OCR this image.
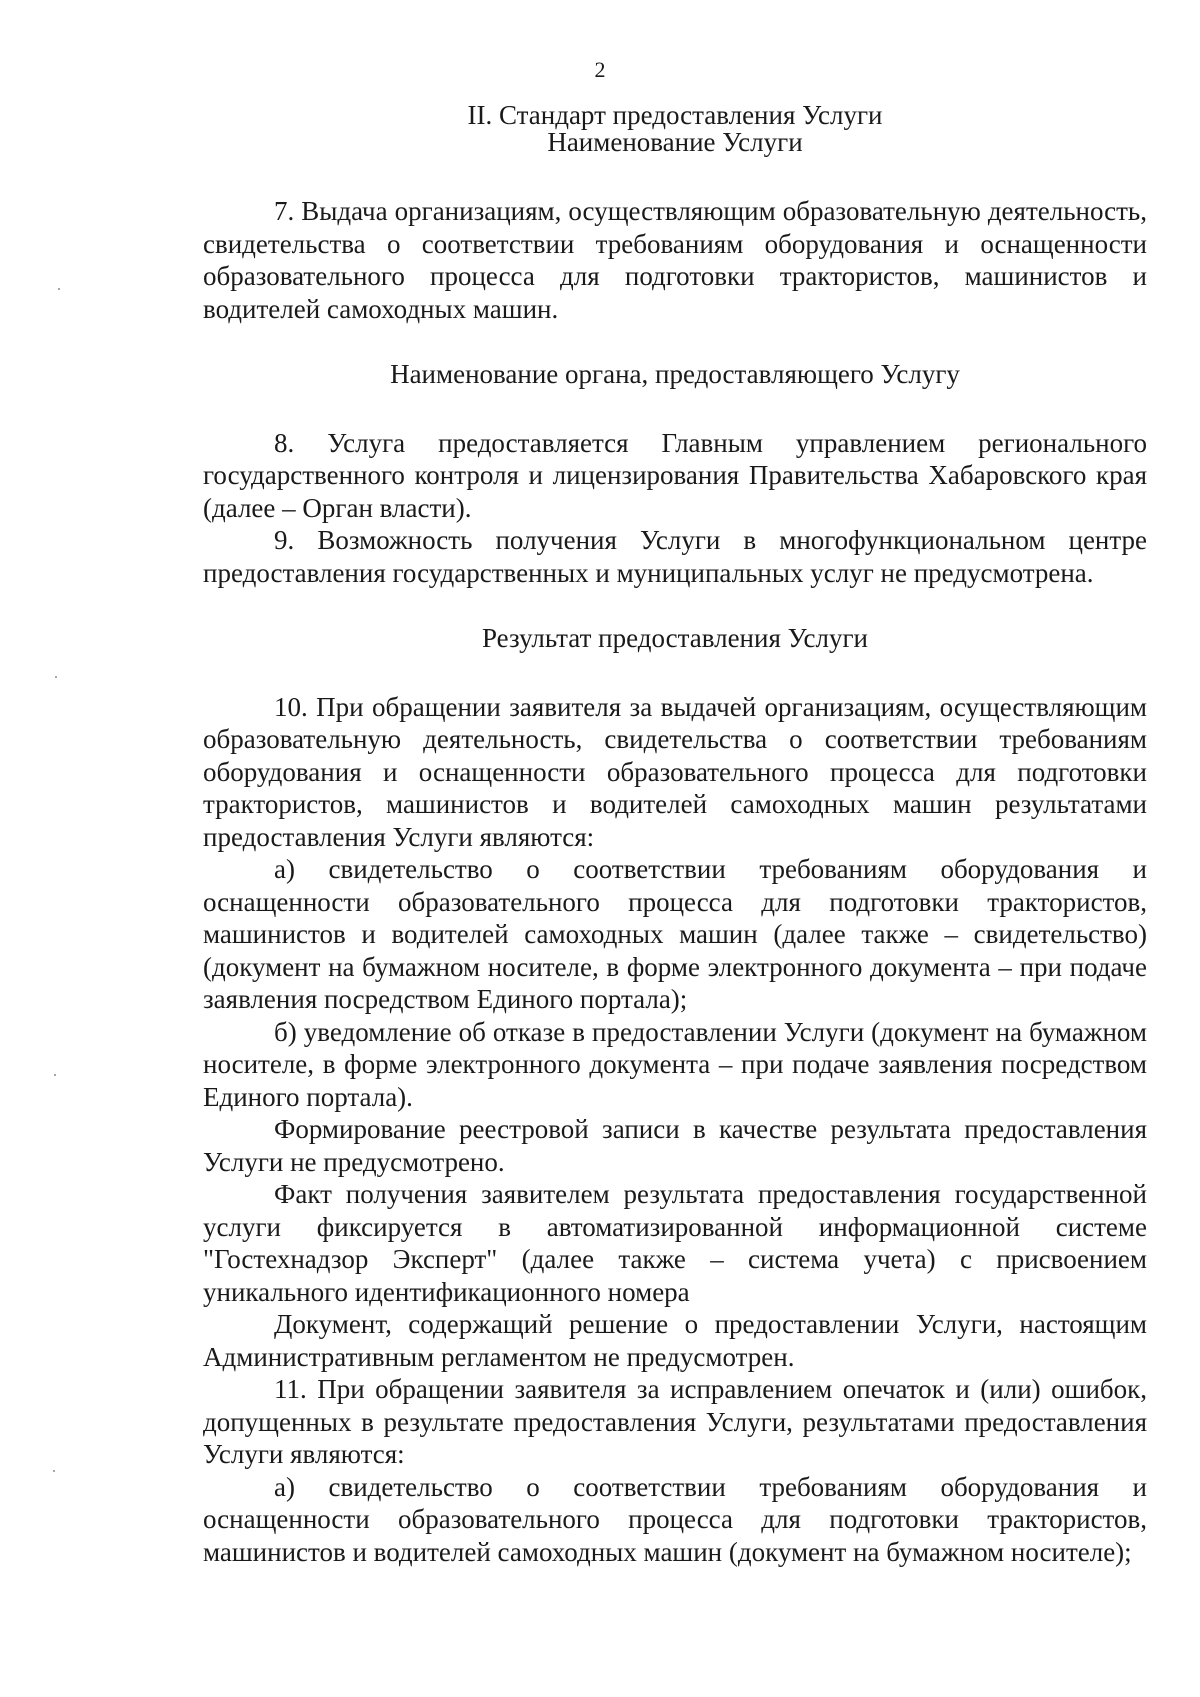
2
II. Стандарт предоставления Услуги
Наименование Услуги

7. Выдача организациям, осуществляющим образовательную деятельность, свидетельства о соответствии требованиям оборудования и оснащенности образовательного процесса для подготовки трактористов, машинистов и водителей самоходных машин.

Наименование органа, предоставляющего Услугу

8. Услуга предоставляется Главным управлением регионального государственного контроля и лицензирования Правительства Хабаровского края (далее – Орган власти).

9. Возможность получения Услуги в многофункциональном центре предоставления государственных и муниципальных услуг не предусмотрена.

Результат предоставления Услуги

10. При обращении заявителя за выдачей организациям, осуществляющим образовательную деятельность, свидетельства о соответствии требованиям оборудования и оснащенности образовательного процесса для подготовки трактористов, машинистов и водителей самоходных машин результатами предоставления Услуги являются:

а) свидетельство о соответствии требованиям оборудования и оснащенности образовательного процесса для подготовки трактористов, машинистов и водителей самоходных машин (далее также – свидетельство) (документ на бумажном носителе, в форме электронного документа – при подаче заявления посредством Единого портала);

б) уведомление об отказе в предоставлении Услуги (документ на бумажном носителе, в форме электронного документа – при подаче заявления посредством Единого портала).

Формирование реестровой записи в качестве результата предоставления Услуги не предусмотрено.

Факт получения заявителем результата предоставления государственной услуги фиксируется в автоматизированной информационной системе "Гостехнадзор Эксперт" (далее также – система учета) с присвоением уникального идентификационного номера

Документ, содержащий решение о предоставлении Услуги, настоящим Административным регламентом не предусмотрен.

11. При обращении заявителя за исправлением опечаток и (или) ошибок, допущенных в результате предоставления Услуги, результатами предоставления Услуги являются:

а) свидетельство о соответствии требованиям оборудования и оснащенности образовательного процесса для подготовки трактористов, машинистов и водителей самоходных машин (документ на бумажном носителе);
